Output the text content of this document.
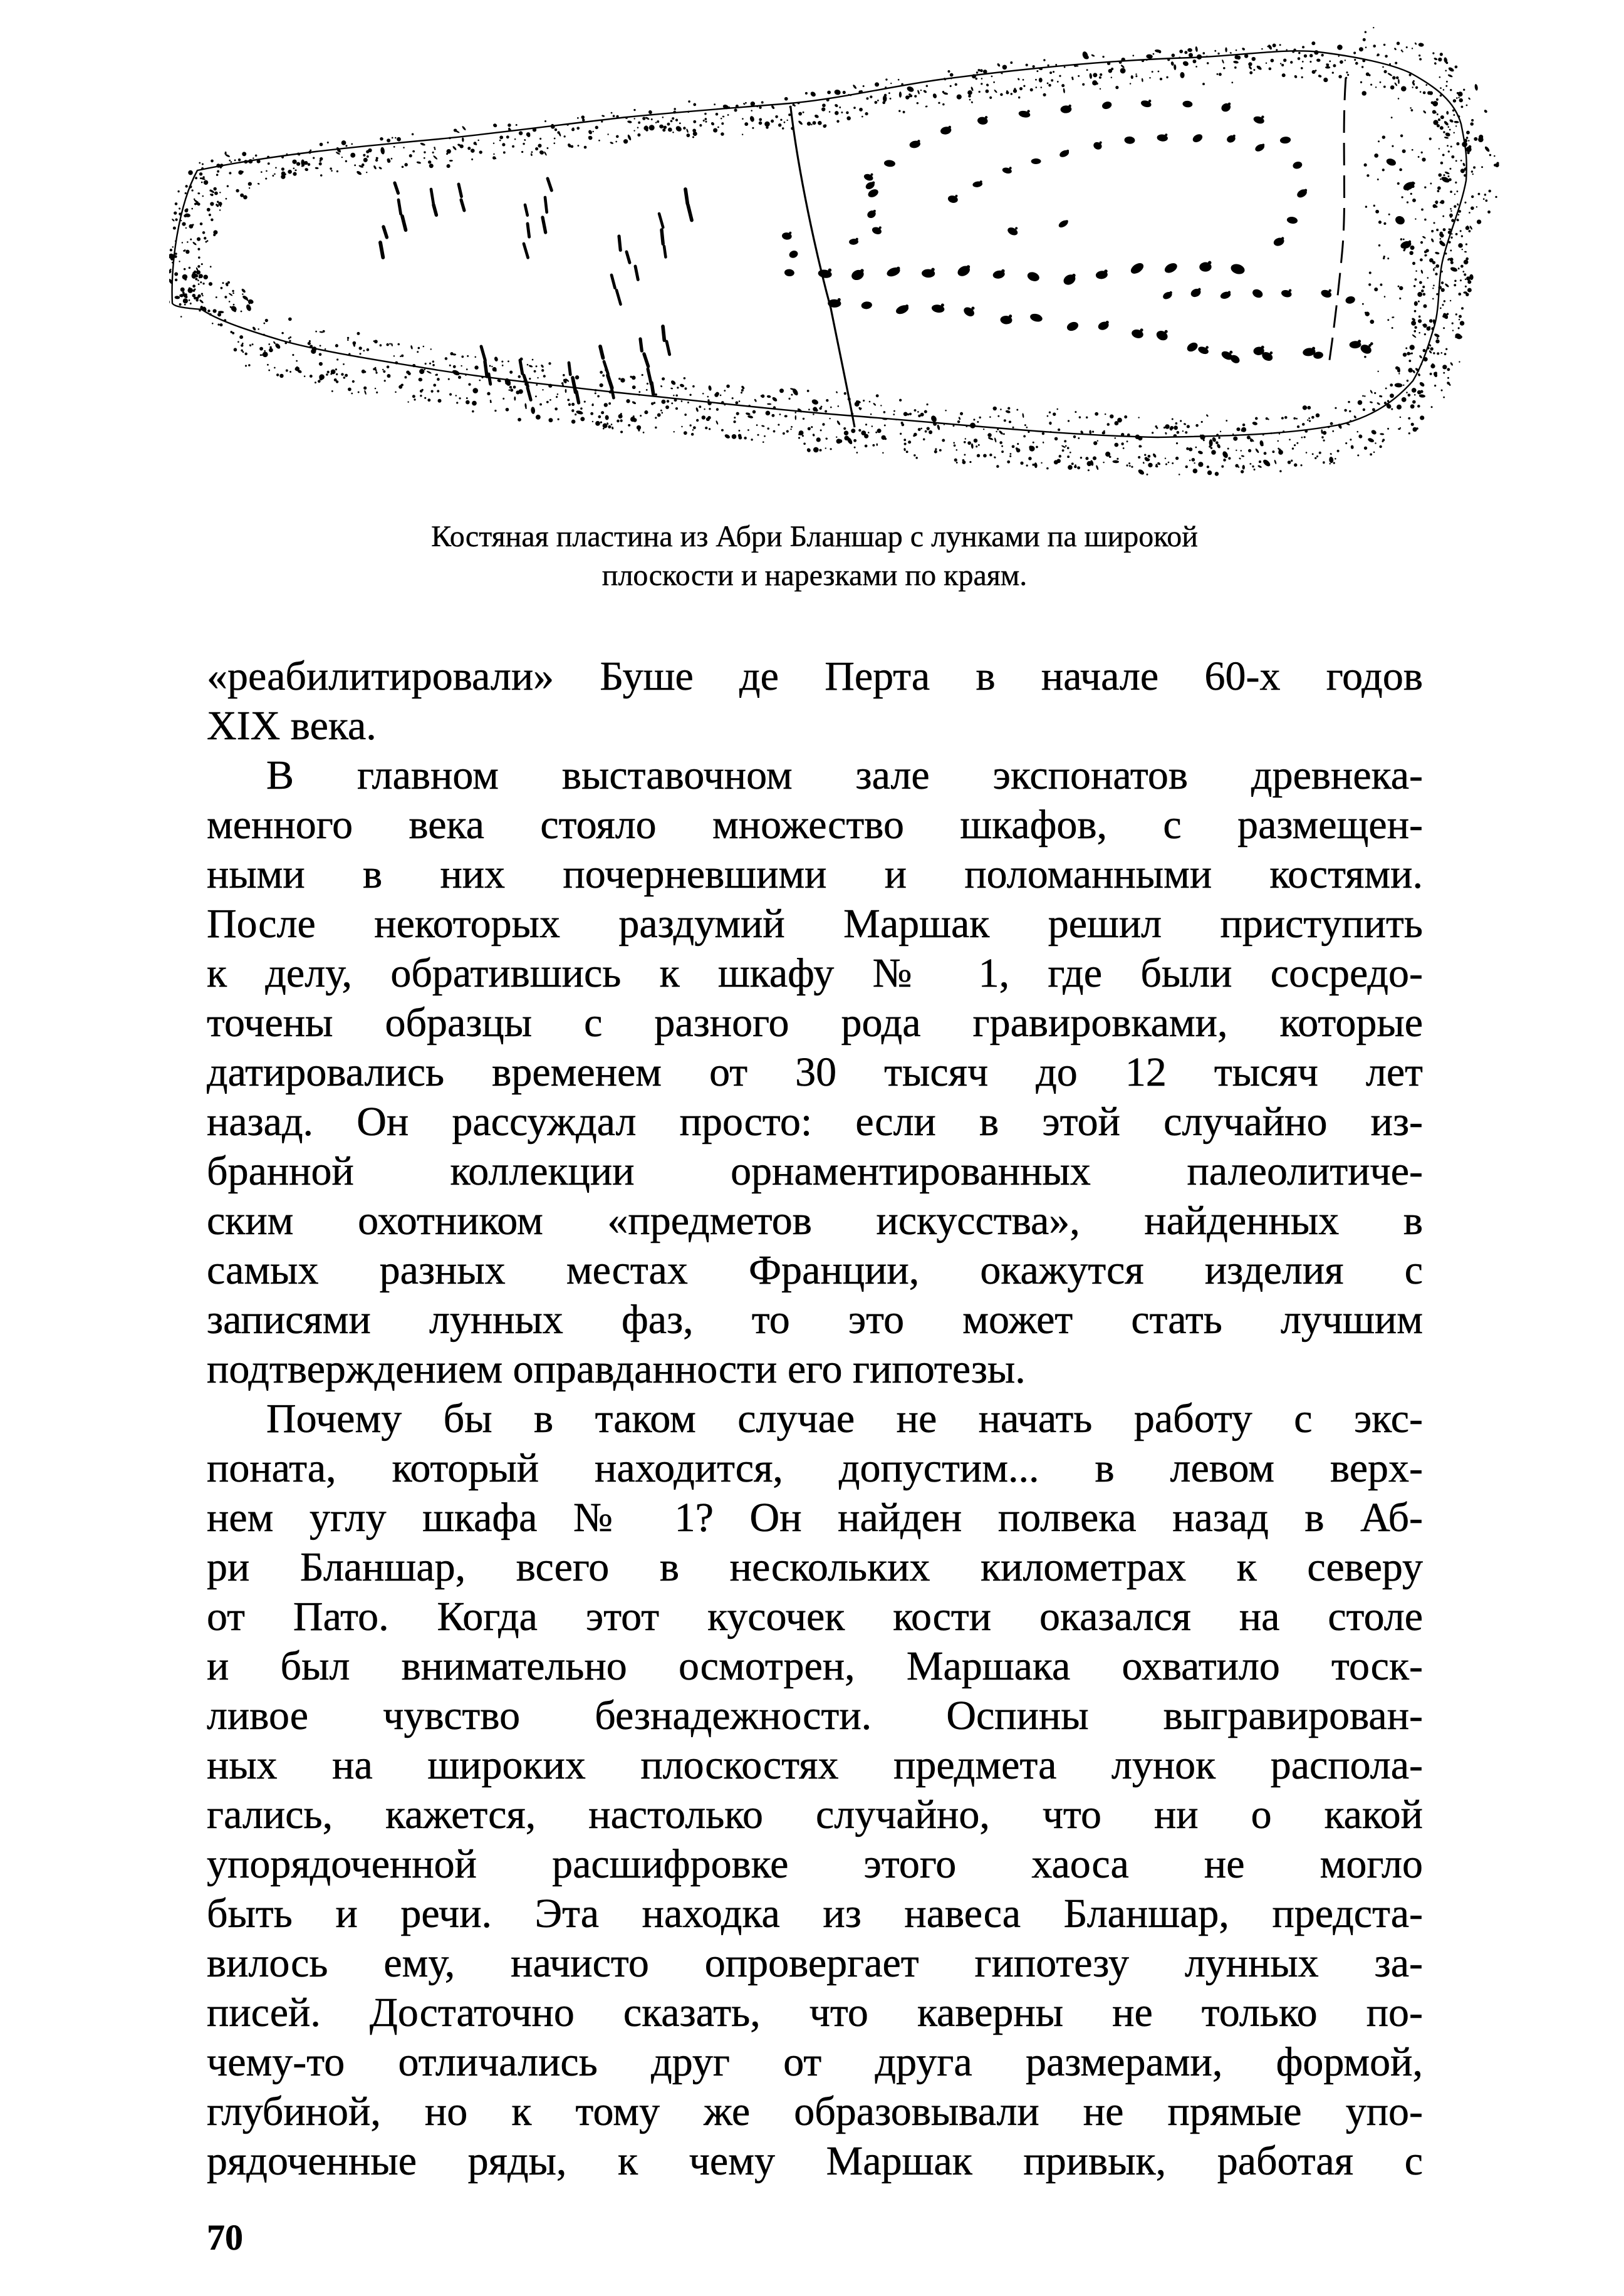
Костяная пластина из Абри Бланшар с лунками па широкой
плоскости и нарезками по краям.
«реабилитировали» Буше де Перта в начале 60-х годов
XIX века.
В главном выставочном зале экспонатов древнека-
менного века стояло множество шкафов, с размещен-
ными в них почерневшими и поломанными костями.
После некоторых раздумий Маршак решил приступить
к делу, обратившись к шкафу № 1, где были сосредо-
точены образцы с разного рода гравировками, которые
датировались временем от 30 тысяч до 12 тысяч лет
назад. Он рассуждал просто: если в этой случайно из-
бранной коллекции орнаментированных палеолитиче-
ским охотником «предметов искусства», найденных в
самых разных местах Франции, окажутся изделия с
записями лунных фаз, то это может стать лучшим
подтверждением оправданности его гипотезы.
Почему бы в таком случае не начать работу с экс-
поната, который находится, допустим... в левом верх-
нем углу шкафа № 1? Он найден полвека назад в Аб-
ри Бланшар, всего в нескольких километрах к северу
от Пато. Когда этот кусочек кости оказался на столе
и был внимательно осмотрен, Маршака охватило тоск-
ливое чувство безнадежности. Оспины выгравирован-
ных на широких плоскостях предмета лунок распола-
гались, кажется, настолько случайно, что ни о какой
упорядоченной расшифровке этого хаоса не могло
быть и речи. Эта находка из навеса Бланшар, предста-
вилось ему, начисто опровергает гипотезу лунных за-
писей. Достаточно сказать, что каверны не только по-
чему-то отличались друг от друга размерами, формой,
глубиной, но к тому же образовывали не прямые упо-
рядоченные ряды, к чему Маршак привык, работая с
70
